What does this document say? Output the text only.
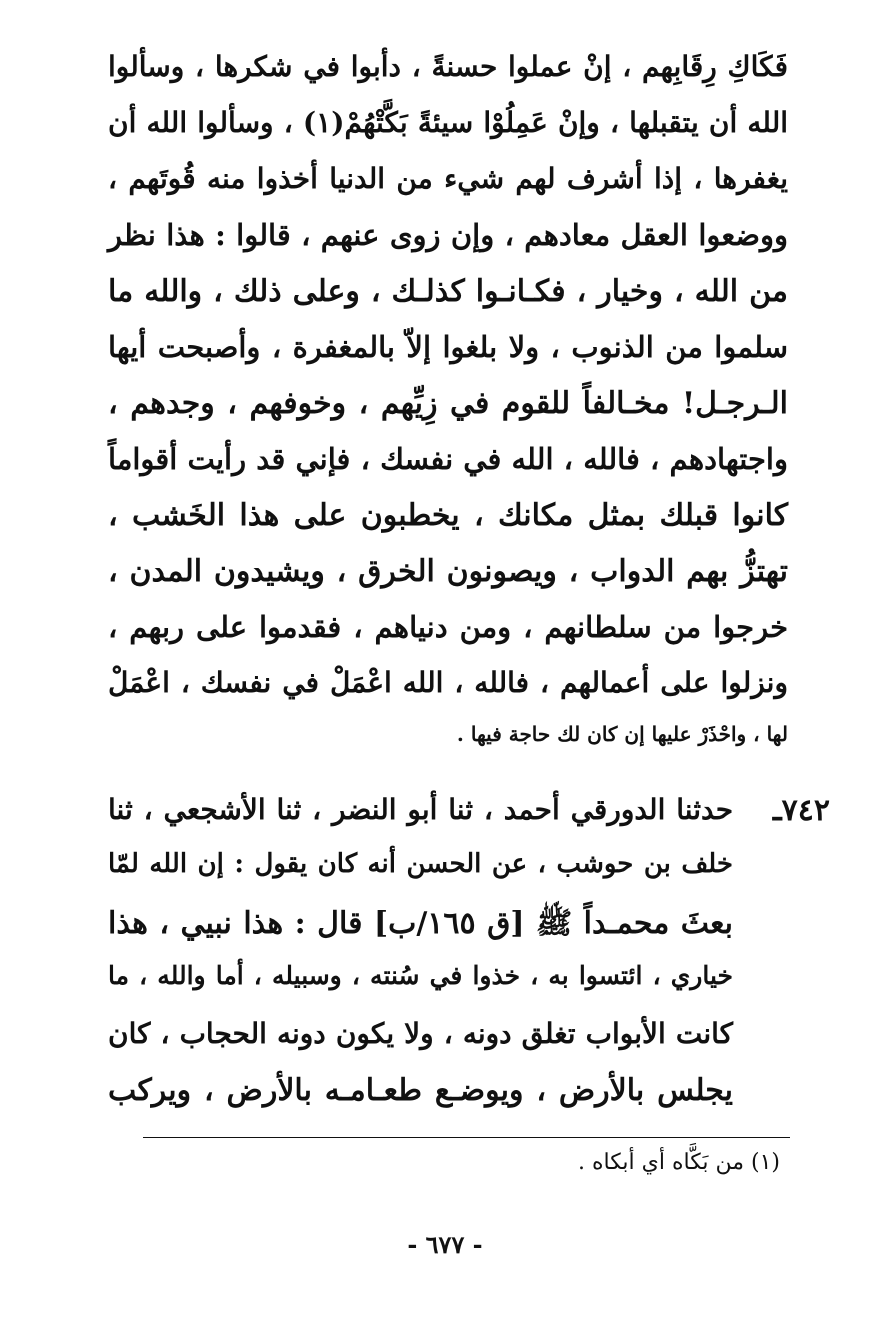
فَكَاكِ رِقَابِهم ، إنْ عملوا حسنةً ، دأبوا في شكرها ، وسألوا
الله أن يتقبلها ، وإنْ عَمِلُوْا سيئةً بَكَّتْهُمْ(١) ، وسألوا الله أن
يغفرها ، إذا أشرف لهم شيء من الدنيا أخذوا منه قُوتَهم ،
ووضعوا العقل معادهم ، وإن زوى عنهم ، قالوا : هذا نظر
من الله ، وخيار ، فكـانـوا كذلـك ، وعلى ذلك ، والله ما
سلموا من الذنوب ، ولا بلغوا إلاّ بالمغفرة ، وأصبحت أيها
الـرجـل! مخـالفاً للقوم في زِيِّهم ، وخوفهم ، وجدهم ،
واجتهادهم ، فالله ، الله في نفسك ، فإني قد رأيت أقواماً
كانوا قبلك بمثل مكانك ، يخطبون على هذا الخَشب ،
تهتزُّ بهم الدواب ، ويصونون الخرق ، ويشيدون المدن ،
خرجوا من سلطانهم ، ومن دنياهم ، فقدموا على ربهم ،
ونزلوا على أعمالهم ، فالله ، الله اعْمَلْ في نفسك ، اعْمَلْ
لها ، واحْذَرْ عليها إن كان لك حاجة فيها .
٧٤٢ـ
حدثنا الدورقي أحمد ، ثنا أبو النضر ، ثنا الأشجعي ، ثنا
خلف بن حوشب ، عن الحسن أنه كان يقول : إن الله لمّا
بعثَ محمـداً ﷺ [ق ١٦٥/ب] قال : هذا نبيي ، هذا
خياري ، ائتسوا به ، خذوا في سُنته ، وسبيله ، أما والله ، ما
كانت الأبواب تغلق دونه ، ولا يكون دونه الحجاب ، كان
يجلس بالأرض ، ويوضـع طعـامـه بالأرض ، ويركب
(١) من بَكَّاه أي أبكاه .
- ٦٧٧ -
